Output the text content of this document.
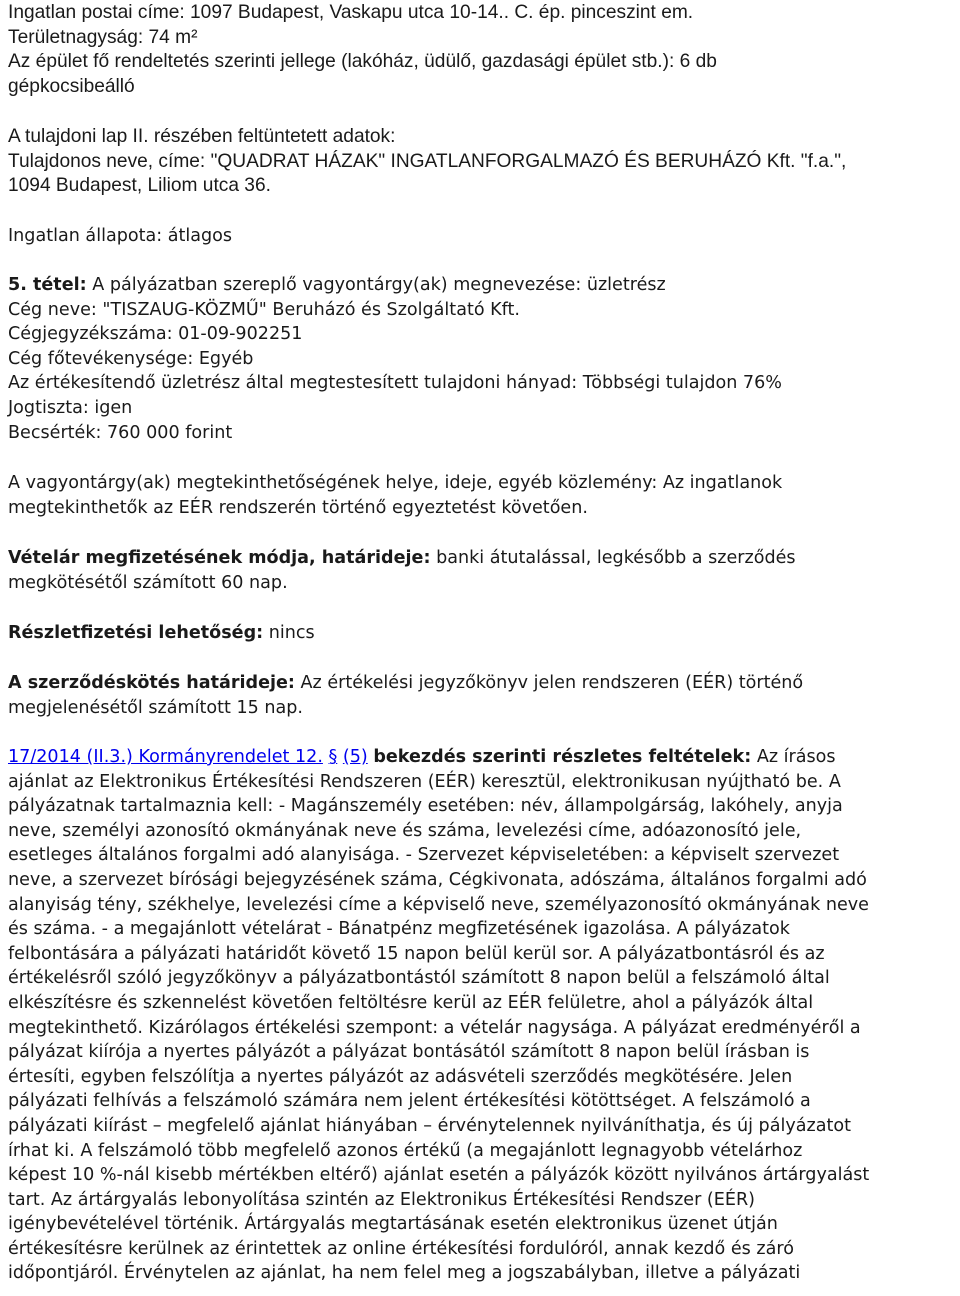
Ingatlan postai címe: 1097 Budapest, Vaskapu utca 10-14.. C. ép. pinceszint em. Területnagyság: 74 m² Az épület fő rendeltetés szerinti jellege (lakóház, üdülő, gazdasági épület stb.): 6 db gépkocsibeálló
A tulajdoni lap II. részében feltüntetett adatok: Tulajdonos neve, címe: "QUADRAT HÁZAK" INGATLANFORGALMAZÓ ÉS BERUHÁZÓ Kft. "f.a.", 1094 Budapest, Liliom utca 36.
Ingatlan állapota: átlagos
5. tétel: A pályázatban szereplő vagyontárgy(ak) megnevezése: üzletrész Cég neve: "TISZAUG-KÖZMŰ" Beruházó és Szolgáltató Kft. Cégjegyzékszáma: 01-09-902251 Cég főtevékenysége: Egyéb Az értékesítendő üzletrész által megtestesített tulajdoni hányad: Többségi tulajdon 76% Jogtiszta: igen Becsérték: 760 000 forint
A vagyontárgy(ak) megtekinthetőségének helye, ideje, egyéb közlemény: Az ingatlanok megtekinthetők az EÉR rendszerén történő egyeztetést követően.
Vételár megfizetésének módja, határideje: banki átutalással, legkésőbb a szerződés megkötésétől számított 60 nap.
Részletfizetési lehetőség: nincs
A szerződéskötés határideje: Az értékelési jegyzőkönyv jelen rendszeren (EÉR) történő megjelenésétől számított 15 nap.
17/2014 (II.3.) Kormányrendelet 12. § (5) bekezdés szerinti részletes feltételek: Az írásos ajánlat az Elektronikus Értékesítési Rendszeren (EÉR) keresztül, elektronikusan nyújtható be. A pályázatnak tartalmaznia kell: - Magánszemély esetében: név, állampolgárság, lakóhely, anyja neve, személyi azonosító okmányának neve és száma, levelezési címe, adóazonosító jele, esetleges általános forgalmi adó alanyisága. - Szervezet képviseletében: a képviselt szervezet neve, a szervezet bírósági bejegyzésének száma, Cégkivonata, adószáma, általános forgalmi adó alanyiság tény, székhelye, levelezési címe a képviselő neve, személyazonosító okmányának neve és száma. - a megajánlott vételárat - Bánatpénz megfizetésének igazolása. A pályázatok felbontására a pályázati határidőt követő 15 napon belül kerül sor. A pályázatbontásról és az értékelésről szóló jegyzőkönyv a pályázatbontástól számított 8 napon belül a felszámoló által elkészítésre és szkennelést követően feltöltésre kerül az EÉR felületre, ahol a pályázók által megtekinthető. Kizárólagos értékelési szempont: a vételár nagysága. A pályázat eredményéről a pályázat kiírója a nyertes pályázót a pályázat bontásától számított 8 napon belül írásban is értesíti, egyben felszólítja a nyertes pályázót az adásvételi szerződés megkötésére. Jelen pályázati felhívás a felszámoló számára nem jelent értékesítési kötöttséget. A felszámoló a pályázati kiírást – megfelelő ajánlat hiányában – érvénytelennek nyilváníthatja, és új pályázatot írhat ki. A felszámoló több megfelelő azonos értékű (a megajánlott legnagyobb vételárhoz képest 10 %-nál kisebb mértékben eltérő) ajánlat esetén a pályázók között nyilvános ártárgyalást tart. Az ártárgyalás lebonyolítása szintén az Elektronikus Értékesítési Rendszer (EÉR) igénybevételével történik. Ártárgyalás megtartásának esetén elektronikus üzenet útján értékesítésre kerülnek az érintettek az online értékesítési fordulóról, annak kezdő és záró időpontjáról. Érvénytelen az ajánlat, ha nem felel meg a jogszabályban, illetve a pályázati
